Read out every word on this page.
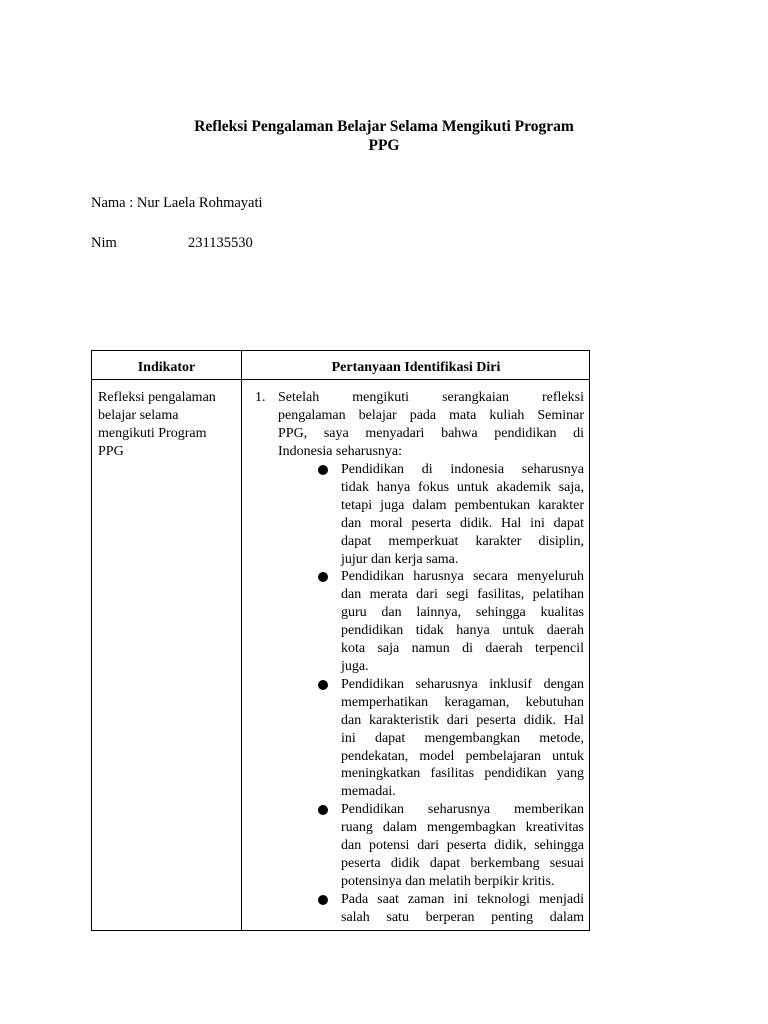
Refleksi Pengalaman Belajar Selama Mengikuti Program
PPG
Nama : Nur Laela Rohmayati
Nim	231135530
Indikator	Pertanyaan Identifikasi Diri
Refleksi pengalaman
belajar selama
mengikuti Program
PPG
1. Setelah mengikuti serangkaian refleksi
pengalaman belajar pada mata kuliah Seminar
PPG, saya menyadari bahwa pendidikan di
Indonesia seharusnya:
Pendidikan di indonesia seharusnya
tidak hanya fokus untuk akademik saja,
tetapi juga dalam pembentukan karakter
dan moral peserta didik. Hal ini dapat
dapat memperkuat karakter disiplin,
jujur dan kerja sama.
Pendidikan harusnya secara menyeluruh
dan merata dari segi fasilitas, pelatihan
guru dan lainnya, sehingga kualitas
pendidikan tidak hanya untuk daerah
kota saja namun di daerah terpencil
juga.
Pendidikan seharusnya inklusif dengan
memperhatikan keragaman, kebutuhan
dan karakteristik dari peserta didik. Hal
ini dapat mengembangkan metode,
pendekatan, model pembelajaran untuk
meningkatkan fasilitas pendidikan yang
memadai.
Pendidikan seharusnya memberikan
ruang dalam mengembagkan kreativitas
dan potensi dari peserta didik, sehingga
peserta didik dapat berkembang sesuai
potensinya dan melatih berpikir kritis.
Pada saat zaman ini teknologi menjadi
salah satu berperan penting dalam
